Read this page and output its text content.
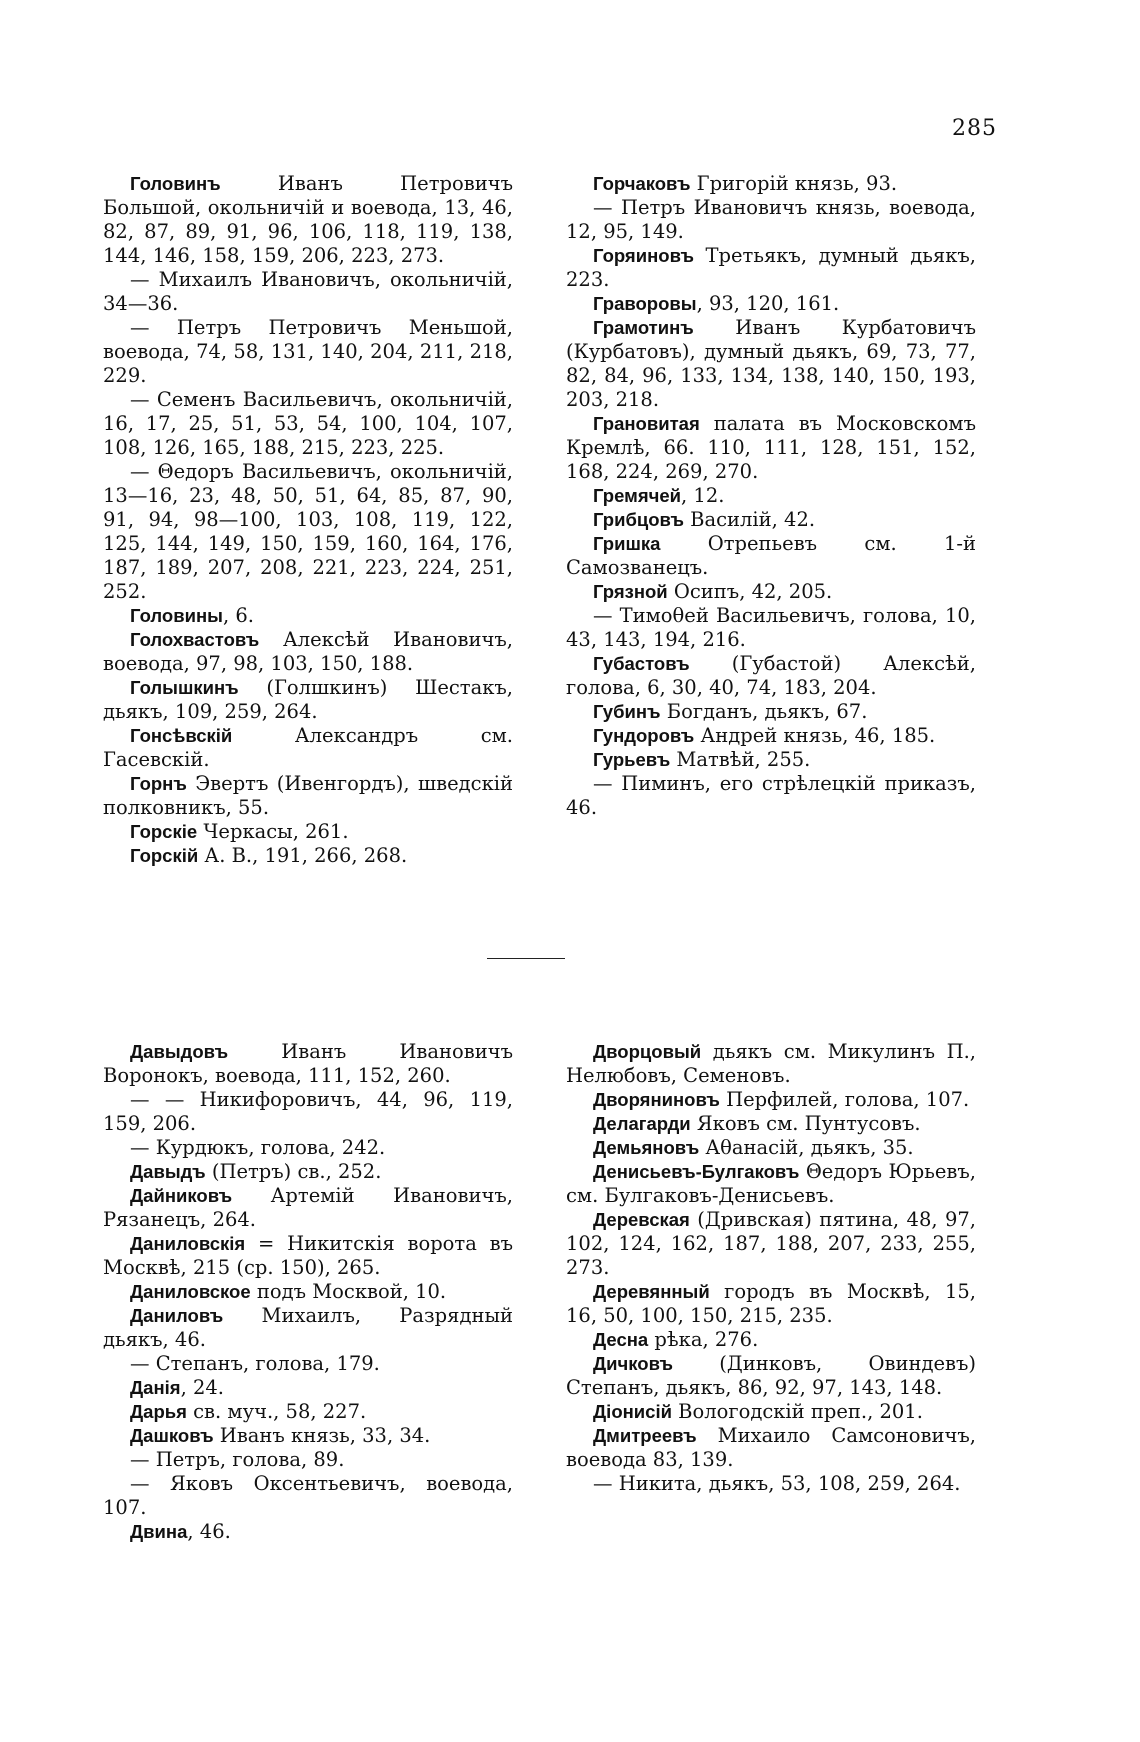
285

Головинъ Иванъ Петровичъ Большой, окольничій и воевода, 13, 46, 82, 87, 89, 91, 96, 106, 118, 119, 138, 144, 146, 158, 159, 206, 223, 273.

— Михаилъ Ивановичъ, окольничій, 34—36.

— Петръ Петровичъ Меньшой, воевода, 74, 58, 131, 140, 204, 211, 218, 229.

— Семенъ Васильевичъ, окольничій, 16, 17, 25, 51, 53, 54, 100, 104, 107, 108, 126, 165, 188, 215, 223, 225.

— Θедоръ Васильевичъ, окольничій, 13—16, 23, 48, 50, 51, 64, 85, 87, 90, 91, 94, 98—100, 103, 108, 119, 122, 125, 144, 149, 150, 159, 160, 164, 176, 187, 189, 207, 208, 221, 223, 224, 251, 252.

Головины, 6.

Голохвастовъ Алексѣй Ивановичъ, воевода, 97, 98, 103, 150, 188.

Голышкинъ (Голшкинъ) Шестакъ, дьякъ, 109, 259, 264.

Гонсѣвскій Александръ см. Гасевскій.

Горнъ Эвертъ (Ивенгордъ), шведскій полковникъ, 55.

Горскіе Черкасы, 261.

Горскій А. В., 191, 266, 268.

Горчаковъ Григорій князь, 93.

— Петръ Ивановичъ князь, воевода, 12, 95, 149.

Горяиновъ Третьякъ, думный дьякъ, 223.

Граворовы, 93, 120, 161.

Грамотинъ Иванъ Курбатовичъ (Курбатовъ), думный дьякъ, 69, 73, 77, 82, 84, 96, 133, 134, 138, 140, 150, 193, 203, 218.

Грановитая палата въ Московскомъ Кремлѣ, 66. 110, 111, 128, 151, 152, 168, 224, 269, 270.

Гремячей, 12.

Грибцовъ Василій, 42.

Гришка Отрепьевъ см. 1-й Самозванецъ.

Грязной Осипъ, 42, 205.

— Тимоθей Васильевичъ, голова, 10, 43, 143, 194, 216.

Губастовъ (Губастой) Алексѣй, голова, 6, 30, 40, 74, 183, 204.

Губинъ Богданъ, дьякъ, 67.

Гундоровъ Андрей князь, 46, 185.

Гурьевъ Матвѣй, 255.

— Пиминъ, его стрѣлецкій приказъ, 46.

Давыдовъ Иванъ Ивановичъ Воронокъ, воевода, 111, 152, 260.

— — Никифоровичъ, 44, 96, 119, 159, 206.

— Курдюкъ, голова, 242.

Давыдъ (Петръ) св., 252.

Дайниковъ Артемій Ивановичъ, Рязанецъ, 264.

Даниловскія = Никитскія ворота въ Москвѣ, 215 (ср. 150), 265.

Даниловское подъ Москвой, 10.

Даниловъ Михаилъ, Разрядный дьякъ, 46.

— Степанъ, голова, 179.

Данія, 24.

Дарья св. муч., 58, 227.

Дашковъ Иванъ князь, 33, 34.

— Петръ, голова, 89.

— Яковъ Оксентьевичъ, воевода, 107.

Двина, 46.

Дворцовый дьякъ см. Микулинъ П., Нелюбовъ, Семеновъ.

Дворяниновъ Перфилей, голова, 107.

Делагарди Яковъ см. Пунтусовъ.

Демьяновъ Аθанасій, дьякъ, 35.

Денисьевъ-Булгаковъ Θедоръ Юрьевъ, см. Булгаковъ-Денисьевъ.

Деревская (Дривская) пятина, 48, 97, 102, 124, 162, 187, 188, 207, 233, 255, 273.

Деревянный городъ въ Москвѣ, 15, 16, 50, 100, 150, 215, 235.

Десна рѣка, 276.

Дичковъ (Динковъ, Овиндевъ) Степанъ, дьякъ, 86, 92, 97, 143, 148.

Діонисій Вологодскій преп., 201.

Дмитреевъ Михаило Самсоновичъ, воевода 83, 139.

— Никита, дьякъ, 53, 108, 259, 264.
